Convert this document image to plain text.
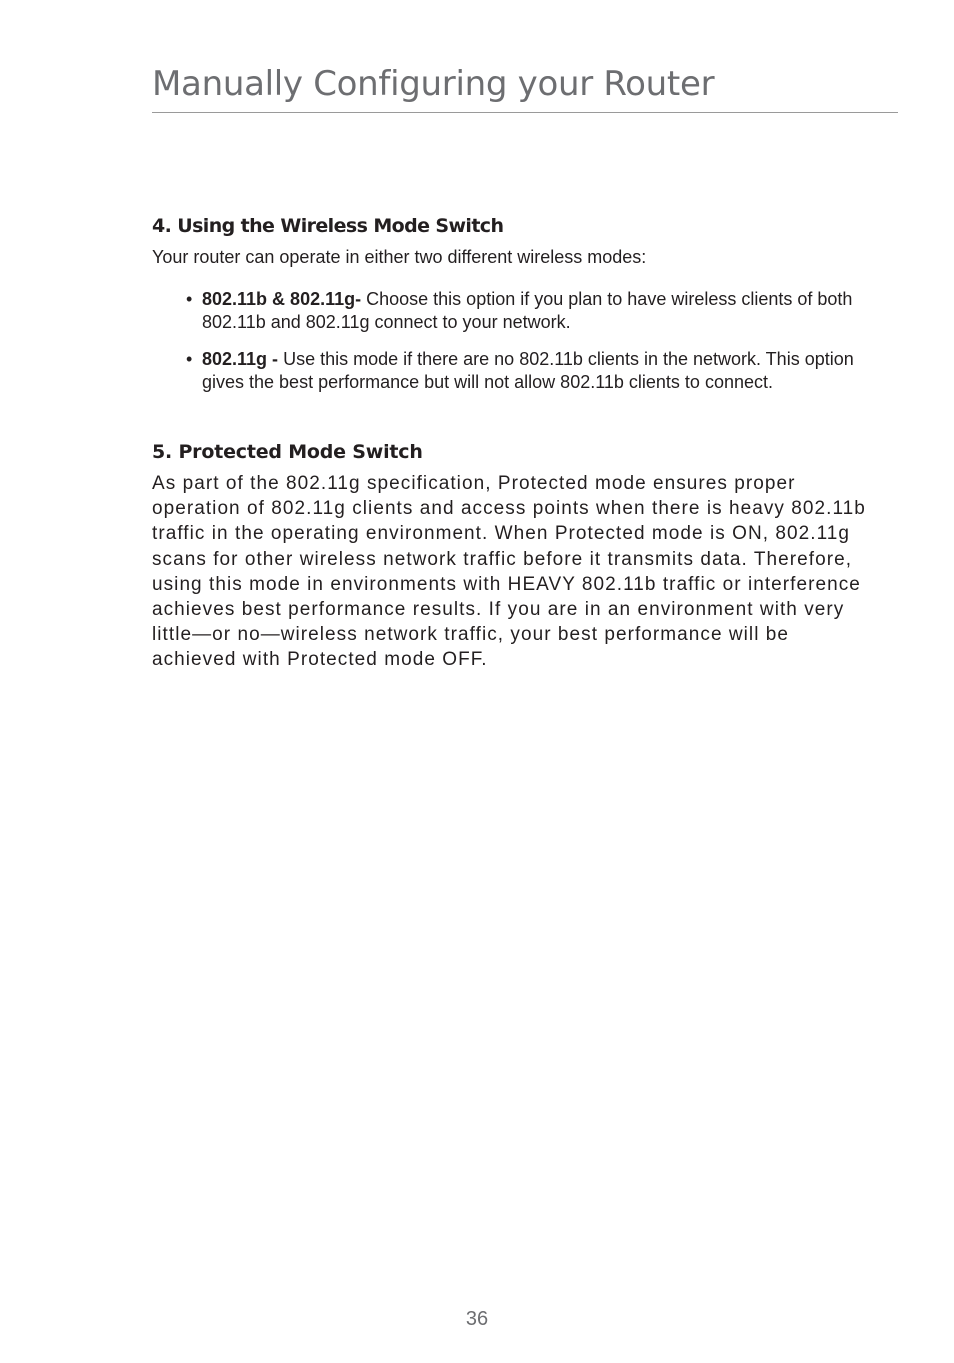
Manually Configuring your Router
4. Using the Wireless Mode Switch

Your router can operate in either two different wireless modes:

• 802.11b & 802.11g- Choose this option if you plan to have wireless clients of both 802.11b and 802.11g connect to your network.
• 802.11g - Use this mode if there are no 802.11b clients in the network. This option gives the best performance but will not allow 802.11b clients to connect.
5. Protected Mode Switch

As part of the 802.11g specification, Protected mode ensures proper operation of 802.11g clients and access points when there is heavy 802.11b traffic in the operating environment. When Protected mode is ON, 802.11g scans for other wireless network traffic before it transmits data. Therefore, using this mode in environments with HEAVY 802.11b traffic or interference achieves best performance results. If you are in an environment with very little—or no—wireless network traffic, your best performance will be achieved with Protected mode OFF.

36
